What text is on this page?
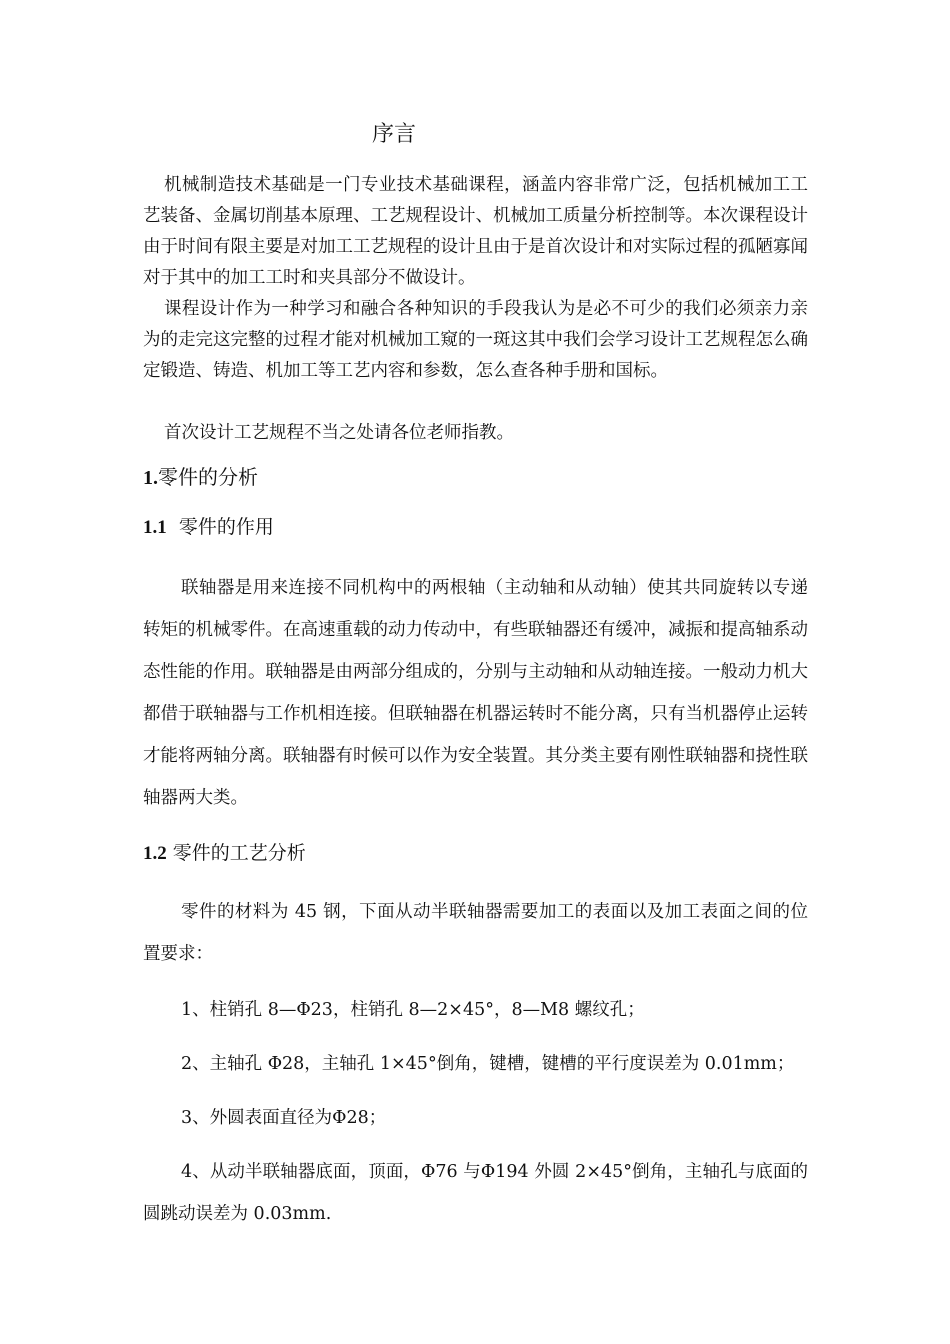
序言

机械制造技术基础是一门专业技术基础课程，涵盖内容非常广泛，包括机械加工工艺装备、金属切削基本原理、工艺规程设计、机械加工质量分析控制等。本次课程设计由于时间有限主要是对加工工艺规程的设计且由于是首次设计和对实际过程的孤陋寡闻对于其中的加工工时和夹具部分不做设计。

课程设计作为一种学习和融合各种知识的手段我认为是必不可少的我们必须亲力亲为的走完这完整的过程才能对机械加工窥的一斑这其中我们会学习设计工艺规程怎么确定锻造、铸造、机加工等工艺内容和参数，怎么查各种手册和国标。

首次设计工艺规程不当之处请各位老师指教。

1.零件的分析
1.1 零件的作用

联轴器是用来连接不同机构中的两根轴（主动轴和从动轴）使其共同旋转以专递转矩的机械零件。在高速重载的动力传动中，有些联轴器还有缓冲，减振和提高轴系动态性能的作用。联轴器是由两部分组成的，分别与主动轴和从动轴连接。一般动力机大都借于联轴器与工作机相连接。但联轴器在机器运转时不能分离，只有当机器停止运转才能将两轴分离。联轴器有时候可以作为安全装置。其分类主要有刚性联轴器和挠性联轴器两大类。

1.2 零件的工艺分析

零件的材料为 45 钢，下面从动半联轴器需要加工的表面以及加工表面之间的位置要求：

1、柱销孔 8—Φ23，柱销孔 8—2×45°，8—M8 螺纹孔；

2、主轴孔 Φ28，主轴孔 1×45°倒角，键槽，键槽的平行度误差为 0.01mm；

3、外圆表面直径为Φ28；

4、从动半联轴器底面，顶面，Φ76 与Φ194 外圆 2×45°倒角，主轴孔与底面的圆跳动误差为 0.03mm.
